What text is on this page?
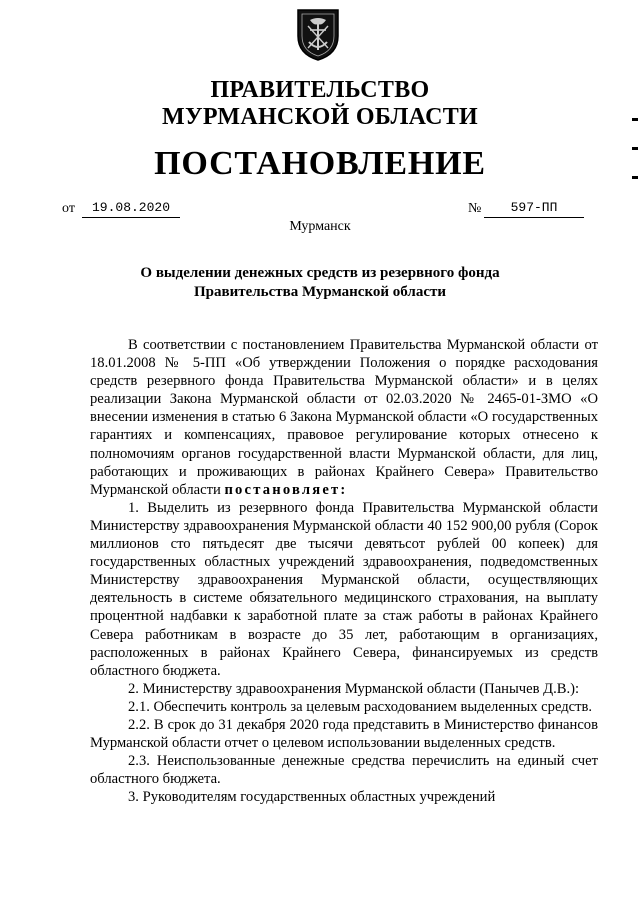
ПРАВИТЕЛЬСТВО
МУРМАНСКОЙ ОБЛАСТИ
ПОСТАНОВЛЕНИЕ
от	19.08.2020	№	597-ПП
Мурманск
О выделении денежных средств из резервного фонда
Правительства Мурманской области

В соответствии с постановлением Правительства Мурманской области от 18.01.2008 № 5-ПП «Об утверждении Положения о порядке расходования средств резервного фонда Правительства Мурманской области» и в целях реализации Закона Мурманской области от 02.03.2020 № 2465-01-ЗМО «О внесении изменения в статью 6 Закона Мурманской области «О государственных гарантиях и компенсациях, правовое регулирование которых отнесено к полномочиям органов государственной власти Мурманской области, для лиц, работающих и проживающих в районах Крайнего Севера» Правительство Мурманской области постановляет:

1. Выделить из резервного фонда Правительства Мурманской области Министерству здравоохранения Мурманской области 40 152 900,00 рубля (Сорок миллионов сто пятьдесят две тысячи девятьсот рублей 00 копеек) для государственных областных учреждений здравоохранения, подведомственных Министерству здравоохранения Мурманской области, осуществляющих деятельность в системе обязательного медицинского страхования, на выплату процентной надбавки к заработной плате за стаж работы в районах Крайнего Севера работникам в возрасте до 35 лет, работающим в организациях, расположенных в районах Крайнего Севера, финансируемых из средств областного бюджета.

2. Министерству здравоохранения Мурманской области (Панычев Д.В.):

2.1. Обеспечить контроль за целевым расходованием выделенных средств.

2.2. В срок до 31 декабря 2020 года представить в Министерство финансов Мурманской области отчет о целевом использовании выделенных средств.

2.3. Неиспользованные денежные средства перечислить на единый счет областного бюджета.

3. Руководителям государственных областных учреждений
